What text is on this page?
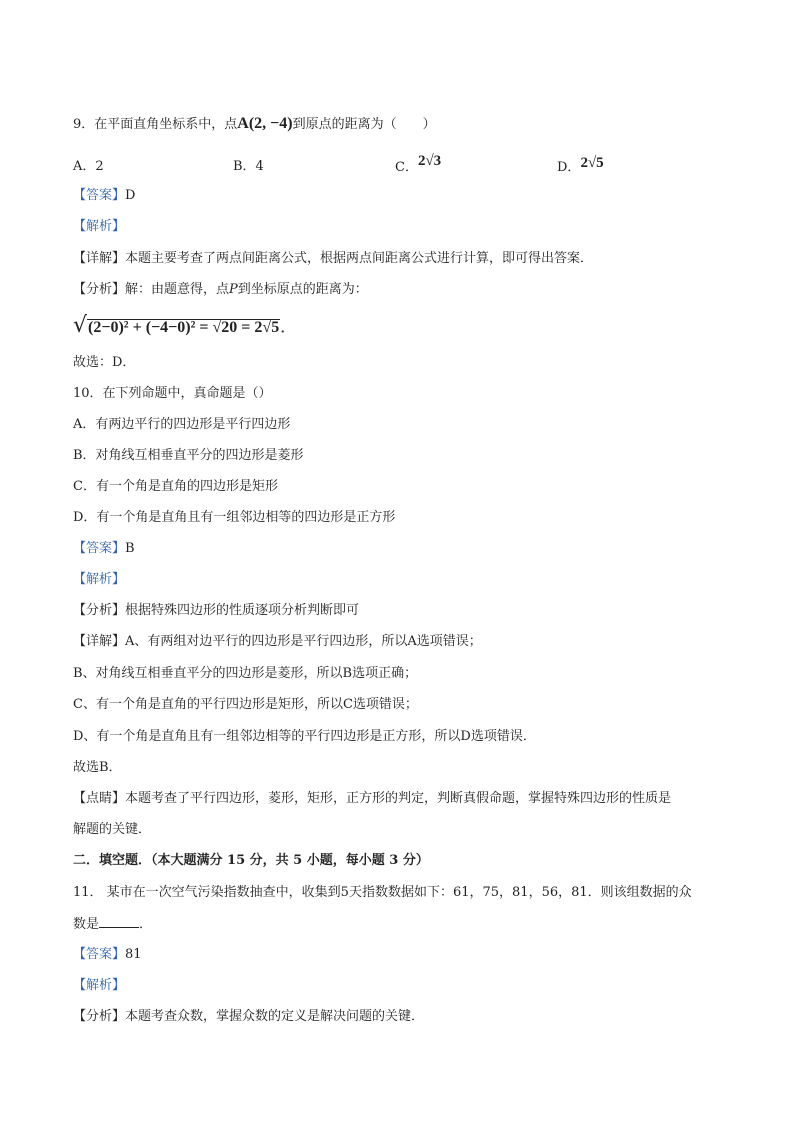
9．在平面直角坐标系中，点A(2, −4)到原点的距离为（　　）
A．2	B．4	C．2√3	D．2√5
【答案】D
【解析】
【详解】本题主要考查了两点间距离公式，根据两点间距离公式进行计算，即可得出答案．
【分析】解：由题意得，点P到坐标原点的距离为：
√(2−0)² + (−4−0)² = √20 = 2√5．
故选：D．
10．在下列命题中，真命题是（）
A．有两边平行的四边形是平行四边形
B．对角线互相垂直平分的四边形是菱形
C．有一个角是直角的四边形是矩形
D．有一个角是直角且有一组邻边相等的四边形是正方形
【答案】B
【解析】
【分析】根据特殊四边形的性质逐项分析判断即可
【详解】A、有两组对边平行的四边形是平行四边形，所以A选项错误；
B、对角线互相垂直平分的四边形是菱形，所以B选项正确；
C、有一个角是直角的平行四边形是矩形，所以C选项错误；
D、有一个角是直角且有一组邻边相等的平行四边形是正方形，所以D选项错误．
故选B．
【点睛】本题考查了平行四边形，菱形，矩形，正方形的判定，判断真假命题，掌握特殊四边形的性质是
解题的关键．
二．填空题．（本大题满分 15 分，共 5 小题，每小题 3 分）
11． 某市在一次空气污染指数抽查中，收集到5天指数数据如下：61，75，81，56，81．则该组数据的众
数是	．
【答案】81
【解析】
【分析】本题考查众数，掌握众数的定义是解决问题的关键．
